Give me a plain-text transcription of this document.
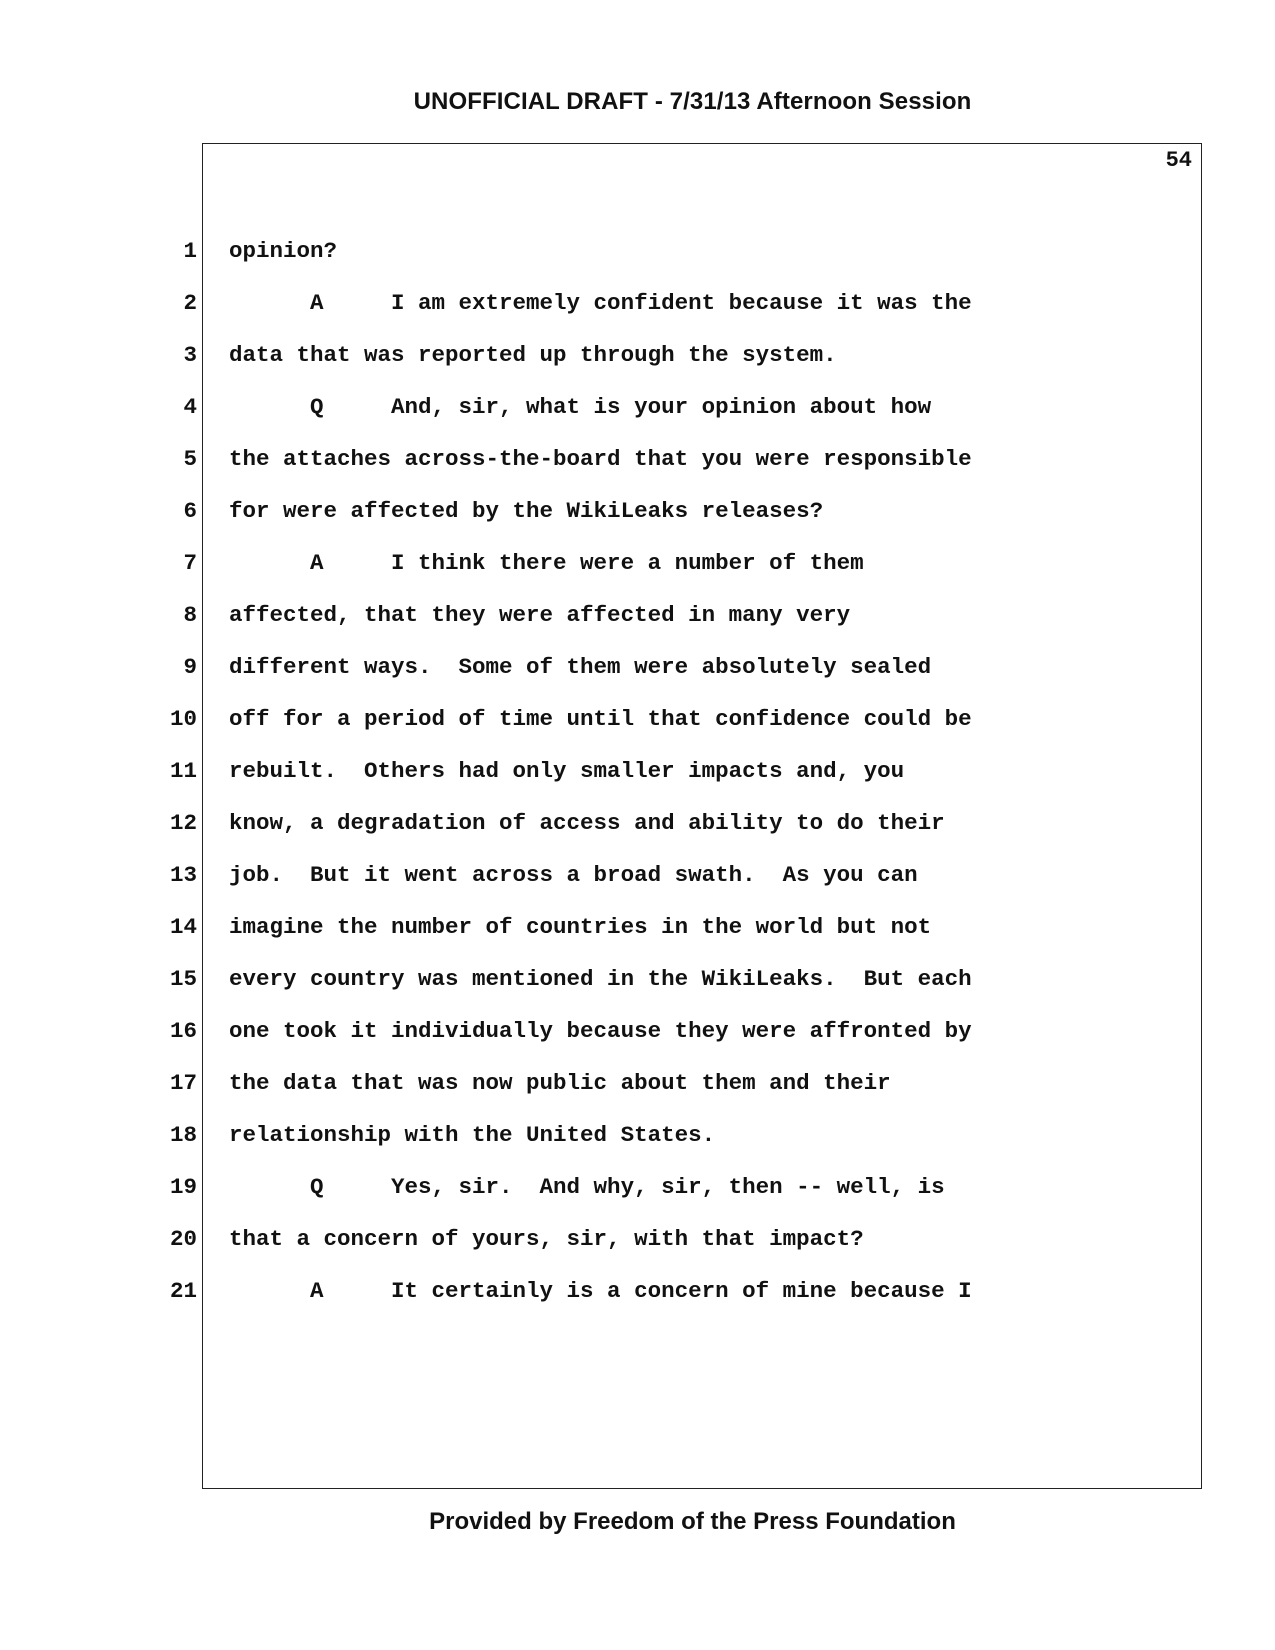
UNOFFICIAL DRAFT - 7/31/13 Afternoon Session
54
1 opinion?
2 A     I am extremely confident because it was the
3 data that was reported up through the system.
4 Q     And, sir, what is your opinion about how
5 the attaches across-the-board that you were responsible
6 for were affected by the WikiLeaks releases?
7 A     I think there were a number of them
8 affected, that they were affected in many very
9 different ways.  Some of them were absolutely sealed
10 off for a period of time until that confidence could be
11 rebuilt.  Others had only smaller impacts and, you
12 know, a degradation of access and ability to do their
13 job.  But it went across a broad swath.  As you can
14 imagine the number of countries in the world but not
15 every country was mentioned in the WikiLeaks.  But each
16 one took it individually because they were affronted by
17 the data that was now public about them and their
18 relationship with the United States.
19 Q     Yes, sir.  And why, sir, then -- well, is
20 that a concern of yours, sir, with that impact?
21 A     It certainly is a concern of mine because I
Provided by Freedom of the Press Foundation
